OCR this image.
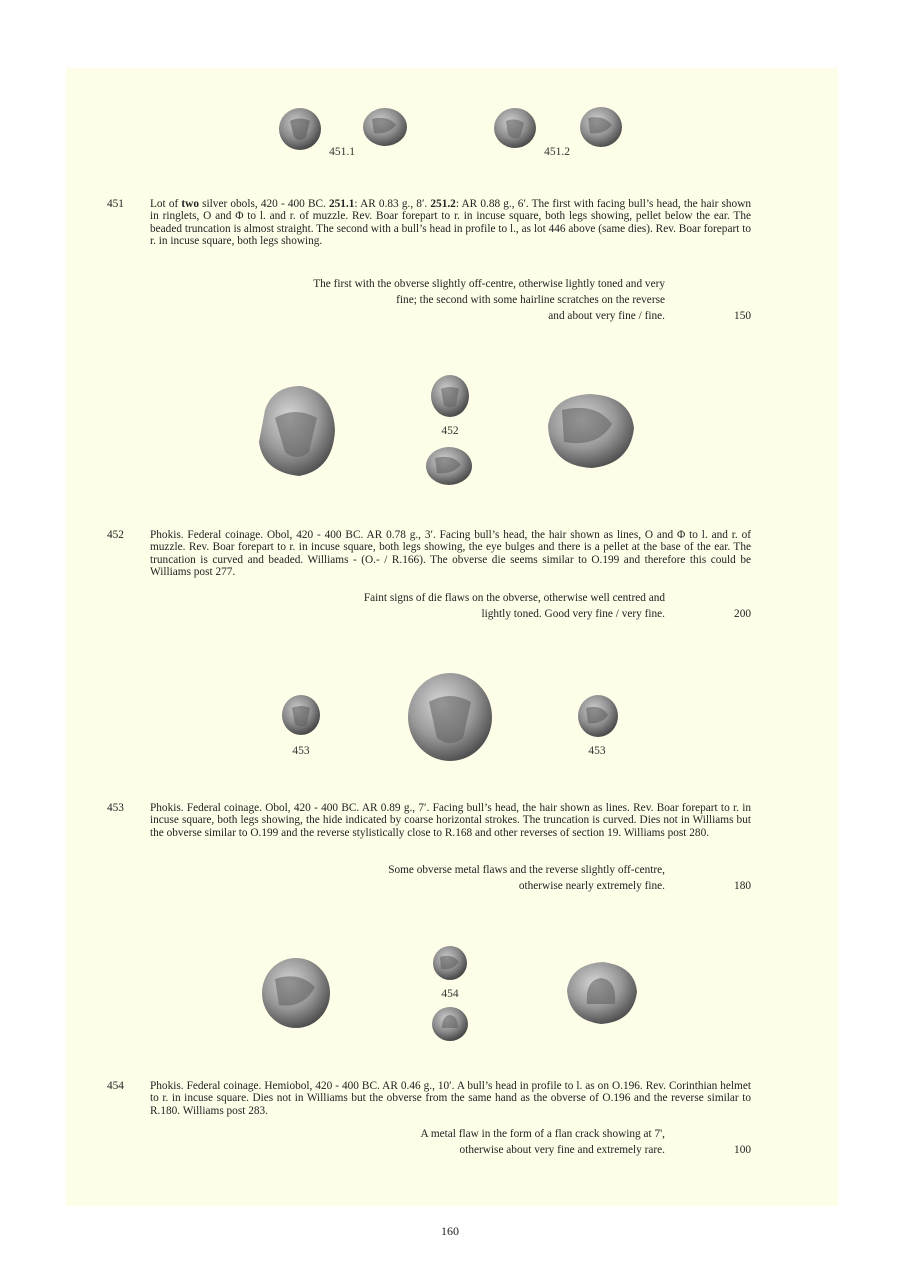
451.1	451.2
451 Lot of two silver obols, 420 - 400 BC. 251.1: AR 0.83 g., 8′. 251.2: AR 0.88 g., 6′. The first with facing bull’s head, the hair shown in ringlets, O and Φ to l. and r. of muzzle. Rev. Boar forepart to r. in incuse square, both legs showing, pellet below the ear. The beaded truncation is almost straight. The second with a bull’s head in profile to l., as lot 446 above (same dies). Rev. Boar forepart to r. in incuse square, both legs showing.
The first with the obverse slightly off-centre, otherwise lightly toned and very
fine; the second with some hairline scratches on the reverse
and about very fine / fine.	150
452
452 Phokis. Federal coinage. Obol, 420 - 400 BC. AR 0.78 g., 3′. Facing bull’s head, the hair shown as lines, O and Φ to l. and r. of muzzle. Rev. Boar forepart to r. in incuse square, both legs showing, the eye bulges and there is a pellet at the base of the ear. The truncation is curved and beaded. Williams - (O.- / R.166). The obverse die seems similar to O.199 and therefore this could be Williams post 277.
Faint signs of die flaws on the obverse, otherwise well centred and
lightly toned. Good very fine / very fine.	200
453	453
453 Phokis. Federal coinage. Obol, 420 - 400 BC. AR 0.89 g., 7′. Facing bull’s head, the hair shown as lines. Rev. Boar forepart to r. in incuse square, both legs showing, the hide indicated by coarse horizontal strokes. The truncation is curved. Dies not in Williams but the obverse similar to O.199 and the reverse stylistically close to R.168 and other reverses of section 19. Williams post 280.
Some obverse metal flaws and the reverse slightly off-centre,
otherwise nearly extremely fine.	180
454
454 Phokis. Federal coinage. Hemiobol, 420 - 400 BC. AR 0.46 g., 10′. A bull’s head in profile to l. as on O.196. Rev. Corinthian helmet to r. in incuse square. Dies not in Williams but the obverse from the same hand as the obverse of O.196 and the reverse similar to R.180. Williams post 283.
A metal flaw in the form of a flan crack showing at 7',
otherwise about very fine and extremely rare.	100
160
